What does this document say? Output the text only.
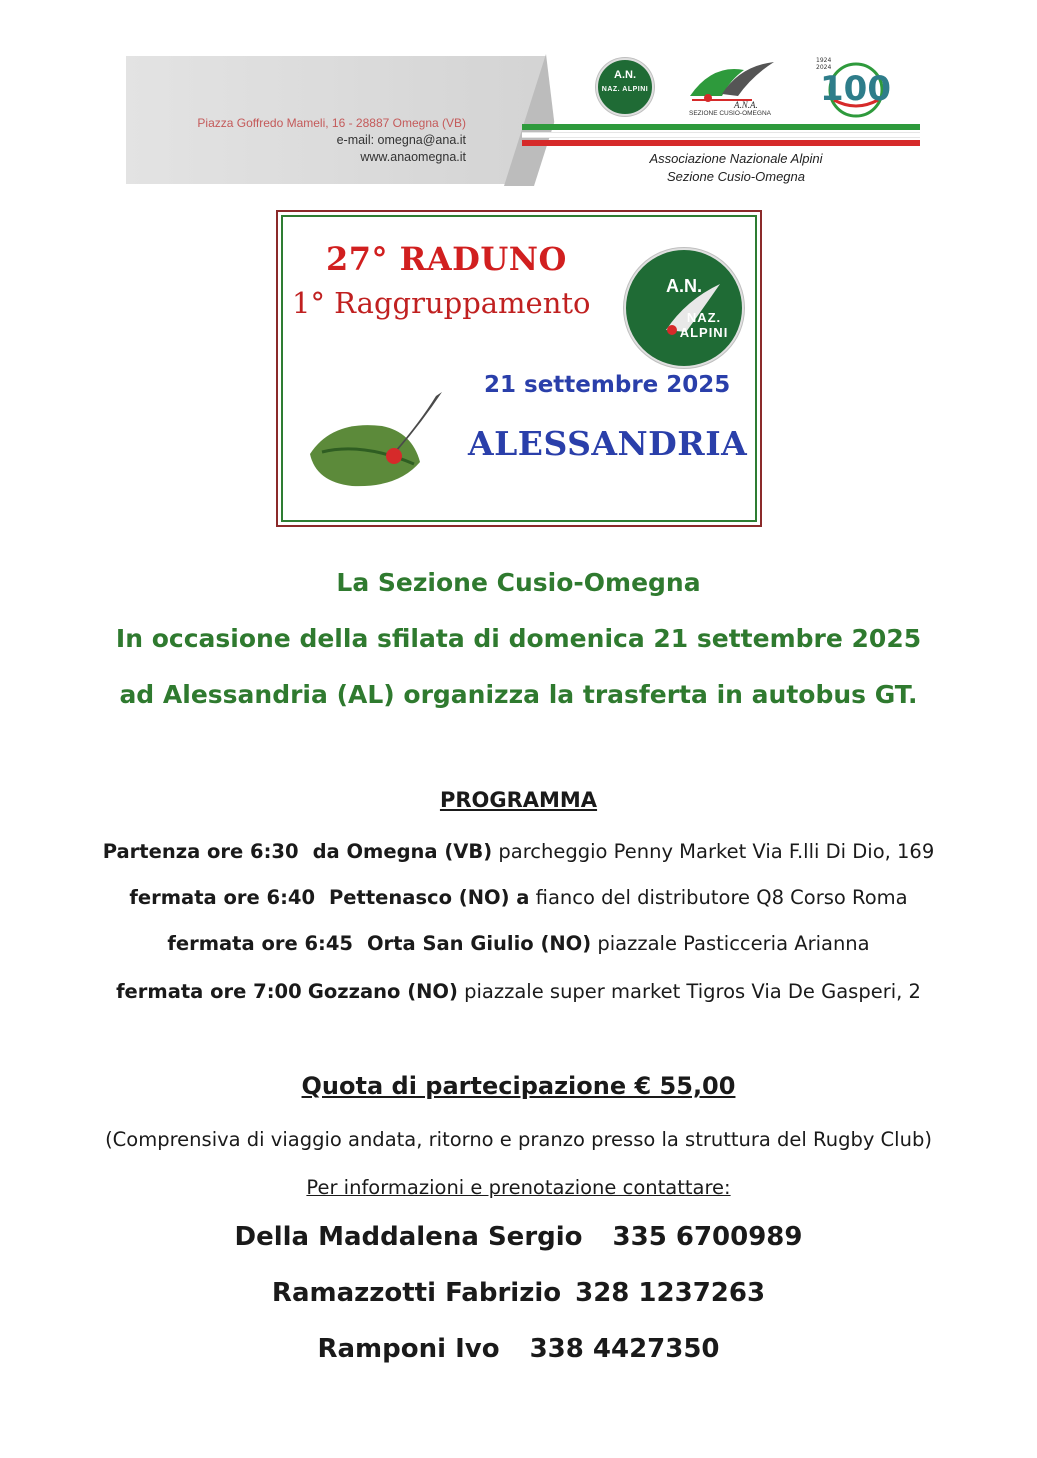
Piazza Goffredo Mameli, 16 - 28887 Omegna (VB)
e-mail: omegna@ana.it
www.anaomegna.it
A.N.
NAZ. ALPINI
A.N.A.
SEZIONE CUSIO-OMEGNA
100
1924
2024
Associazione Nazionale Alpini
Sezione Cusio-Omegna
27° RADUNO
1° Raggruppamento	A.N.
NAZ. ALPINI
21 settembre 2025
ALESSANDRIA
La Sezione Cusio-Omegna
In occasione della sfilata di domenica 21 settembre 2025
ad Alessandria (AL) organizza la trasferta in autobus GT.
PROGRAMMA
Partenza ore 6:30 da Omegna (VB) parcheggio Penny Market Via F.lli Di Dio, 169
fermata ore 6:40 Pettenasco (NO) a fianco del distributore Q8 Corso Roma
fermata ore 6:45 Orta San Giulio (NO) piazzale Pasticceria Arianna
fermata ore 7:00 Gozzano (NO) piazzale super market Tigros Via De Gasperi, 2
Quota di partecipazione € 55,00
(Comprensiva di viaggio andata, ritorno e pranzo presso la struttura del Rugby Club)
Per informazioni e prenotazione contattare:
Della Maddalena Sergio 335 6700989
Ramazzotti Fabrizio 328 1237263
Ramponi Ivo 338 4427350
